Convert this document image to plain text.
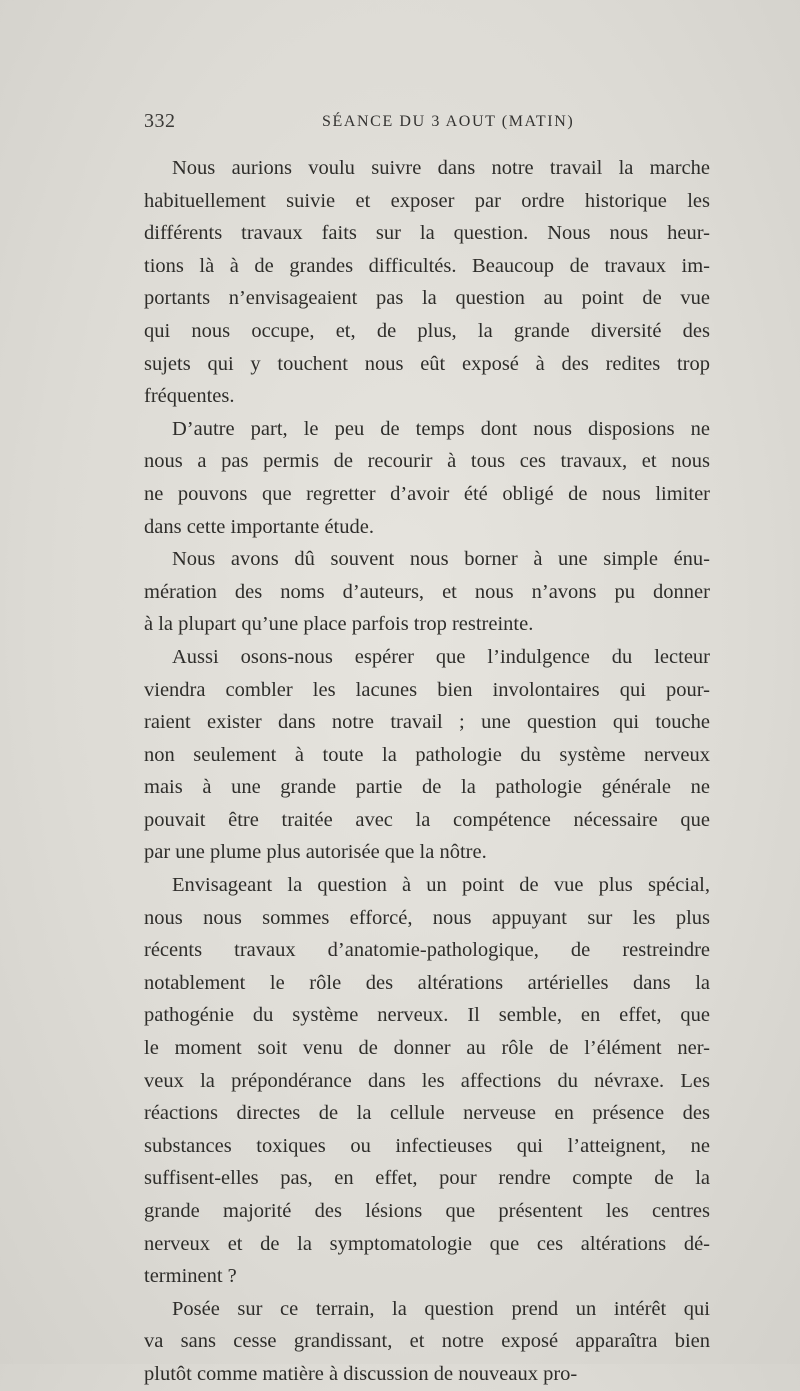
332	SÉANCE DU 3 AOUT (MATIN)
Nous aurions voulu suivre dans notre travail la marche
habituellement suivie et exposer par ordre historique les
différents travaux faits sur la question. Nous nous heur-
tions là à de grandes difficultés. Beaucoup de travaux im-
portants n’envisageaient pas la question au point de vue
qui nous occupe, et, de plus, la grande diversité des
sujets qui y touchent nous eût exposé à des redites trop
fréquentes.
D’autre part, le peu de temps dont nous disposions ne
nous a pas permis de recourir à tous ces travaux, et nous
ne pouvons que regretter d’avoir été obligé de nous limiter
dans cette importante étude.
Nous avons dû souvent nous borner à une simple énu-
mération des noms d’auteurs, et nous n’avons pu donner
à la plupart qu’une place parfois trop restreinte.
Aussi osons-nous espérer que l’indulgence du lecteur
viendra combler les lacunes bien involontaires qui pour-
raient exister dans notre travail ; une question qui touche
non seulement à toute la pathologie du système nerveux
mais à une grande partie de la pathologie générale ne
pouvait être traitée avec la compétence nécessaire que
par une plume plus autorisée que la nôtre.
Envisageant la question à un point de vue plus spécial,
nous nous sommes efforcé, nous appuyant sur les plus
récents travaux d’anatomie-pathologique, de restreindre
notablement le rôle des altérations artérielles dans la
pathogénie du système nerveux. Il semble, en effet, que
le moment soit venu de donner au rôle de l’élément ner-
veux la prépondérance dans les affections du névraxe. Les
réactions directes de la cellule nerveuse en présence des
substances toxiques ou infectieuses qui l’atteignent, ne
suffisent-elles pas, en effet, pour rendre compte de la
grande majorité des lésions que présentent les centres
nerveux et de la symptomatologie que ces altérations dé-
terminent ?
Posée sur ce terrain, la question prend un intérêt qui
va sans cesse grandissant, et notre exposé apparaîtra bien
plutôt comme matière à discussion de nouveaux pro-
